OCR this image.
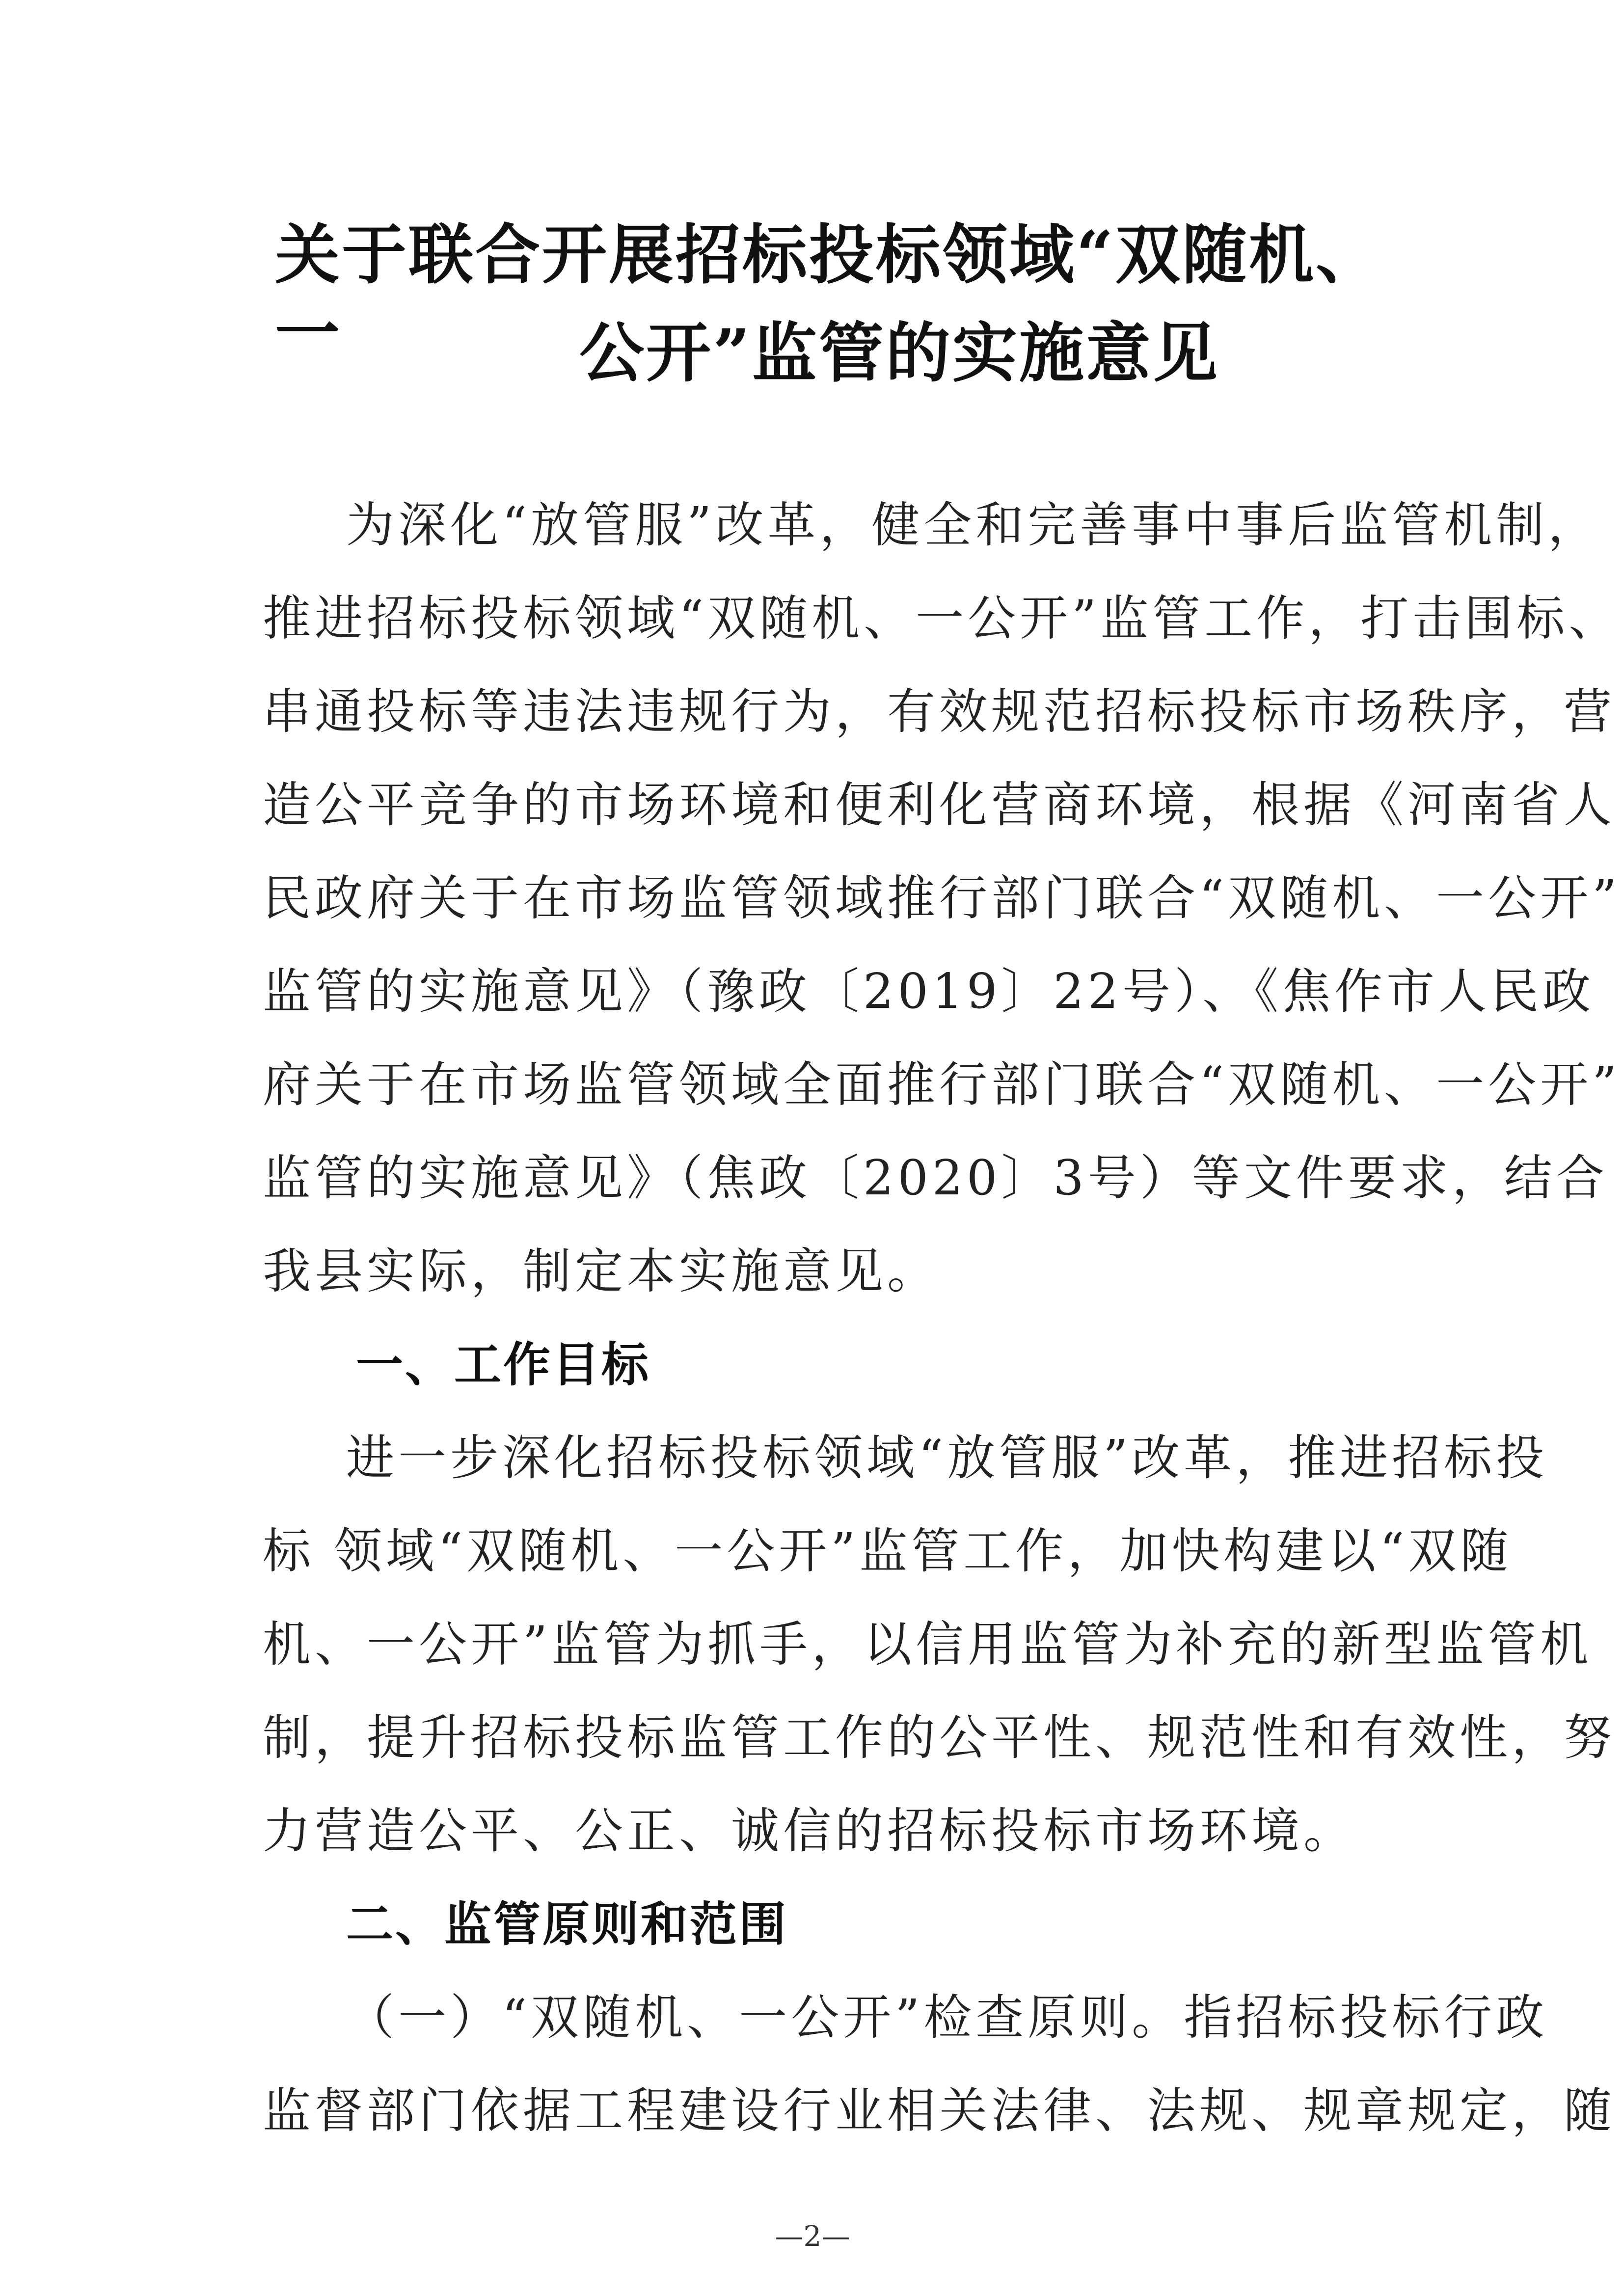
关于联合开展招标投标领域“双随机、一	公开”监管的实施意见
为深化“放管服”改革，健全和完善事中事后监管机制，
推进招标投标领域“双随机、一公开”监管工作，打击围标、
串通投标等违法违规行为，有效规范招标投标市场秩序，营
造公平竞争的市场环境和便利化营商环境，根据《河南省人
民政府关于在市场监管领域推行部门联合“双随机、一公开”
监管的实施意见》（豫政〔2019〕22号）、《焦作市人民政
府关于在市场监管领域全面推行部门联合“双随机、一公开”
监管的实施意见》（焦政〔2020〕3号）等文件要求，结合
我县实际，制定本实施意见。
一、工作目标
进一步深化招标投标领域“放管服”改革，推进招标投
标 领域“双随机、一公开”监管工作，加快构建以“双随
机、一公开”监管为抓手，以信用监管为补充的新型监管机
制，提升招标投标监管工作的公平性、规范性和有效性，努
力营造公平、公正、诚信的招标投标市场环境。
二、监管原则和范围
（一）“双随机、一公开”检查原则。指招标投标行政
监督部门依据工程建设行业相关法律、法规、规章规定，随
—2—
